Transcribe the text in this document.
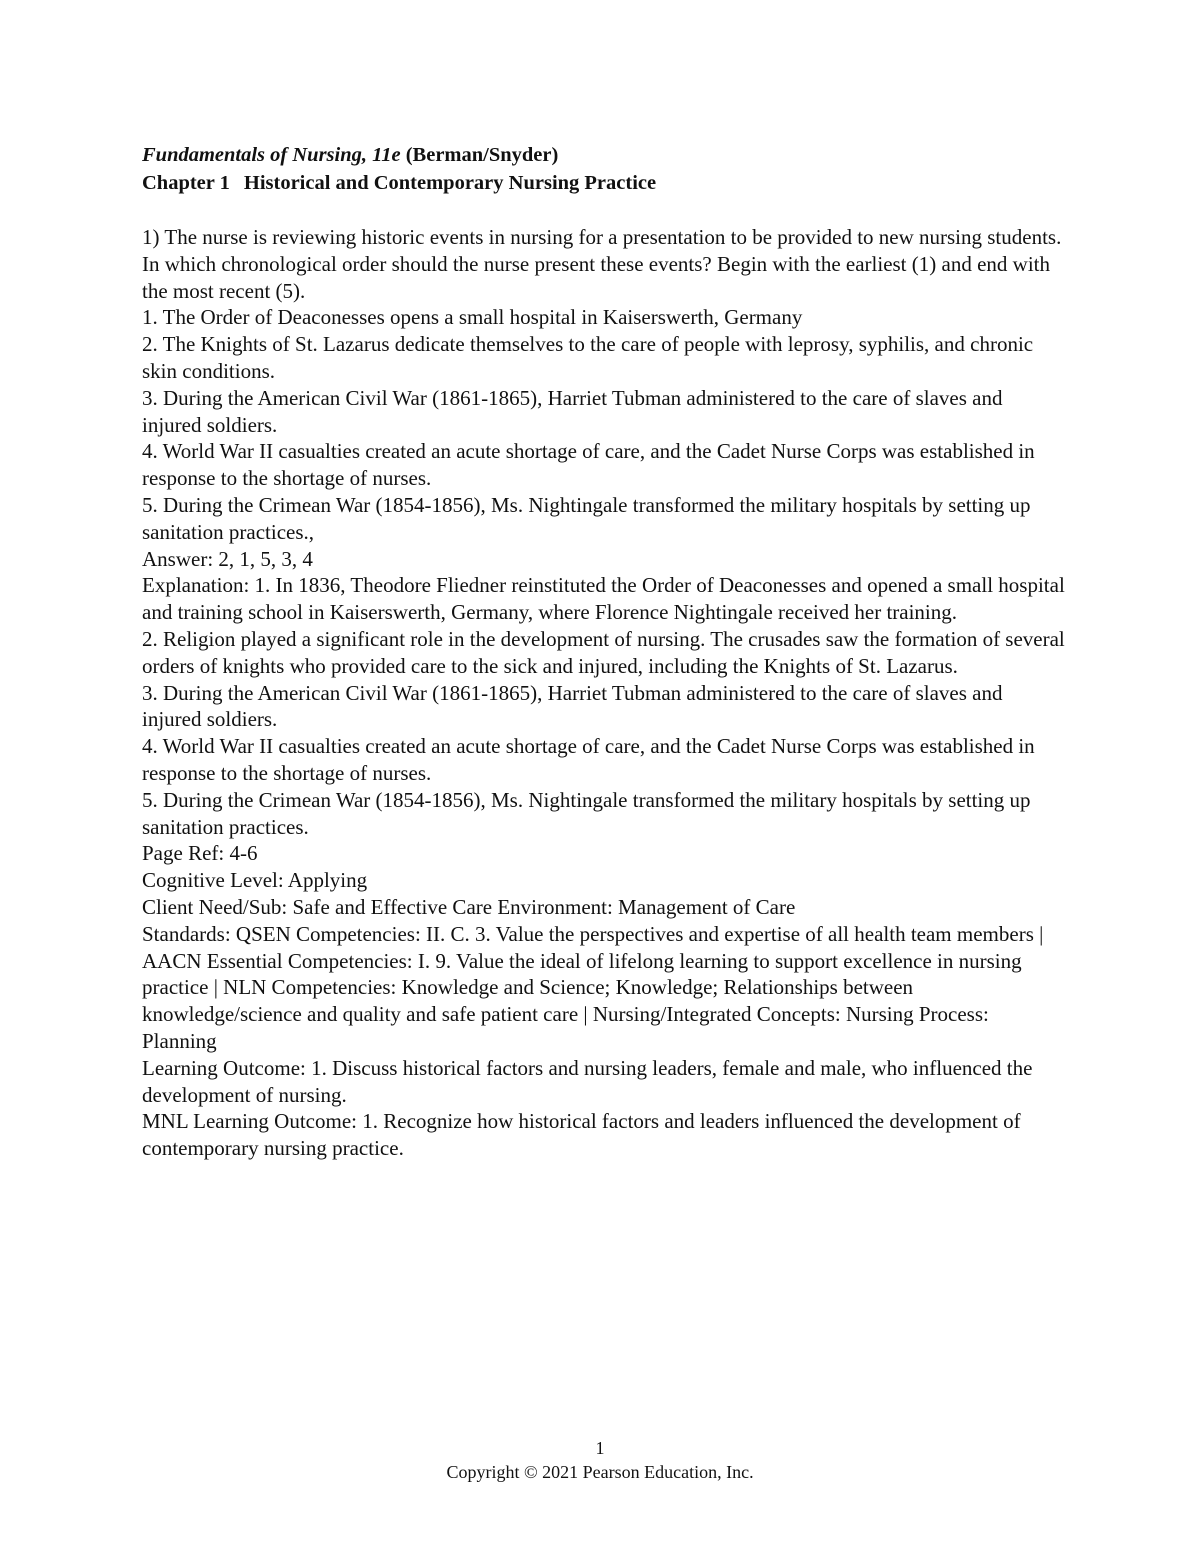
Fundamentals of Nursing, 11e (Berman/Snyder)
Chapter 1 Historical and Contemporary Nursing Practice

1) The nurse is reviewing historic events in nursing for a presentation to be provided to new nursing students. In which chronological order should the nurse present these events? Begin with the earliest (1) and end with the most recent (5).

1. The Order of Deaconesses opens a small hospital in Kaiserswerth, Germany

2. The Knights of St. Lazarus dedicate themselves to the care of people with leprosy, syphilis, and chronic skin conditions.

3. During the American Civil War (1861-1865), Harriet Tubman administered to the care of slaves and injured soldiers.

4. World War II casualties created an acute shortage of care, and the Cadet Nurse Corps was established in response to the shortage of nurses.

5. During the Crimean War (1854-1856), Ms. Nightingale transformed the military hospitals by setting up sanitation practices.,

Answer: 2, 1, 5, 3, 4

Explanation: 1. In 1836, Theodore Fliedner reinstituted the Order of Deaconesses and opened a small hospital and training school in Kaiserswerth, Germany, where Florence Nightingale received her training.

2. Religion played a significant role in the development of nursing. The crusades saw the formation of several orders of knights who provided care to the sick and injured, including the Knights of St. Lazarus.

3. During the American Civil War (1861-1865), Harriet Tubman administered to the care of slaves and injured soldiers.

4. World War II casualties created an acute shortage of care, and the Cadet Nurse Corps was established in response to the shortage of nurses.

5. During the Crimean War (1854-1856), Ms. Nightingale transformed the military hospitals by setting up sanitation practices.

Page Ref: 4-6

Cognitive Level: Applying

Client Need/Sub: Safe and Effective Care Environment: Management of Care

Standards: QSEN Competencies: II. C. 3. Value the perspectives and expertise of all health team members | AACN Essential Competencies: I. 9. Value the ideal of lifelong learning to support excellence in nursing practice | NLN Competencies: Knowledge and Science; Knowledge; Relationships between knowledge/science and quality and safe patient care | Nursing/Integrated Concepts: Nursing Process: Planning

Learning Outcome: 1. Discuss historical factors and nursing leaders, female and male, who influenced the development of nursing.

MNL Learning Outcome: 1. Recognize how historical factors and leaders influenced the development of contemporary nursing practice.

1
Copyright © 2021 Pearson Education, Inc.
